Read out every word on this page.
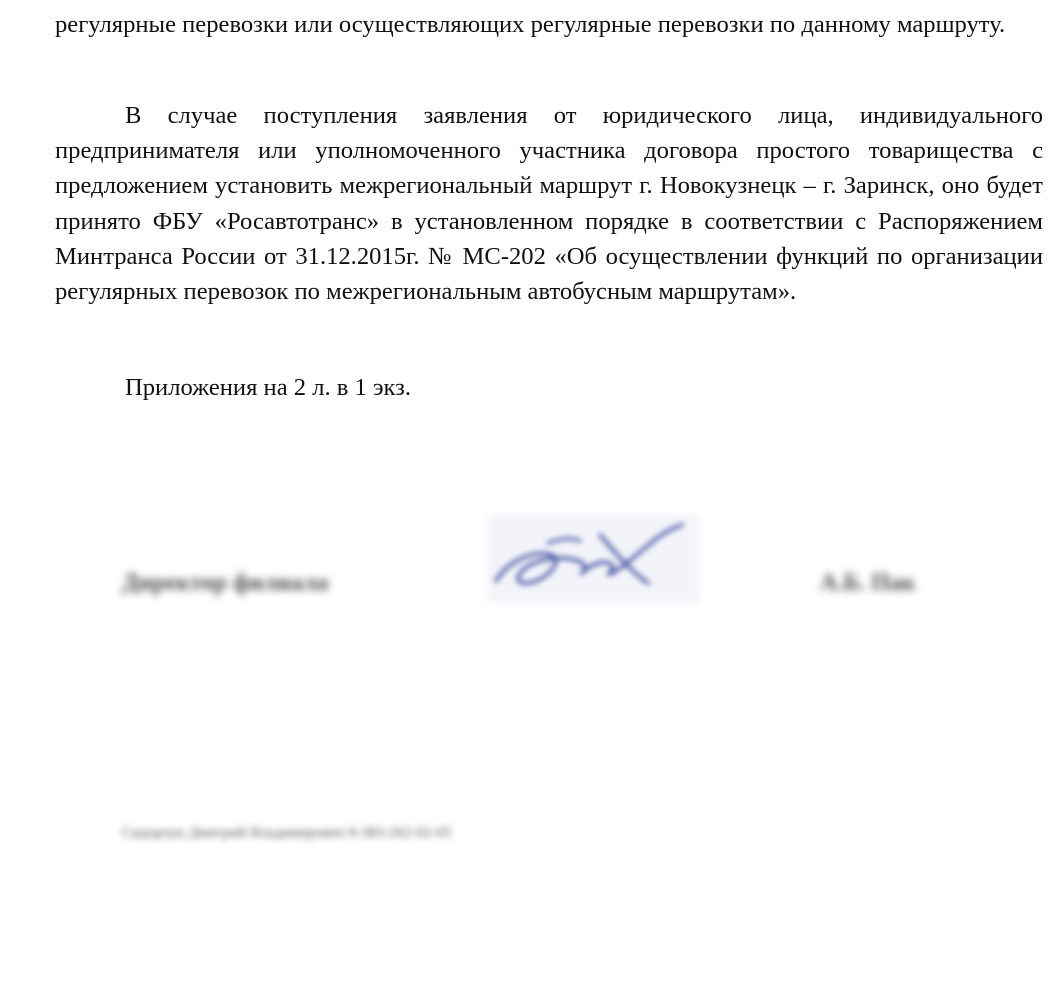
регулярные перевозки или осуществляющих регулярные перевозки по данному маршруту.

В случае поступления заявления от юридического лица, индивидуального предпринимателя или уполномоченного участника договора простого товарищества с предложением установить межрегиональный маршрут г. Новокузнецк – г. Заринск, оно будет принято ФБУ «Росавтотранс» в установленном порядке в соответствии с Распоряжением Минтранса России от 31.12.2015г. № МС-202 «Об осуществлении функций по организации регулярных перевозок по межрегиональным автобусным маршрутам».

Приложения на 2 л. в 1 экз.

Директор филиала	А.Б. Пак

Сидорчук Дмитрий Владимирович 8-383-262-02-05
